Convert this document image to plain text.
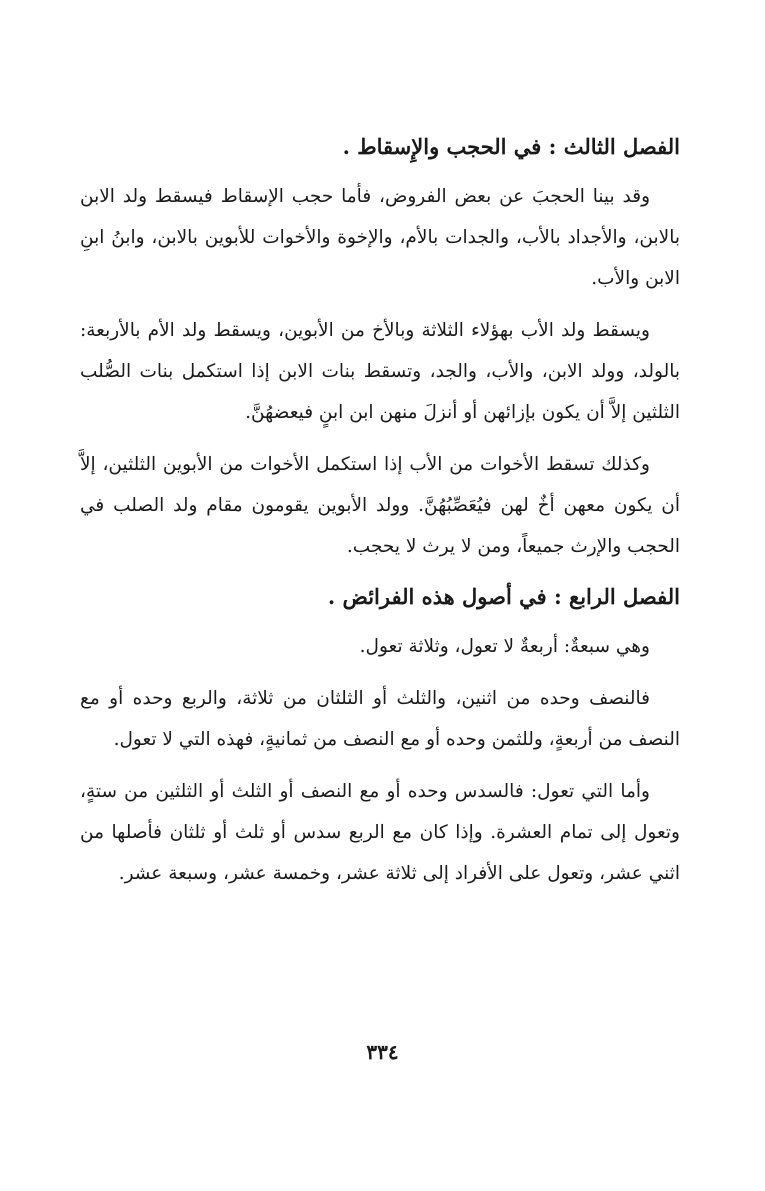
الفصل الثالث : في الحجب والإِسقاط .

وقد بينا الحجبَ عن بعض الفروض، فأما حجب الإسقاط فيسقط ولد الابن بالابن، والأجداد بالأب، والجدات بالأم، والإخوة والأخوات للأبوين بالابن، وابنُ ابنِ الابن والأب.

ويسقط ولد الأب بهؤلاء الثلاثة وبالأخ من الأبوين، ويسقط ولد الأم بالأربعة: بالولد، وولد الابن، والأب، والجد، وتسقط بنات الابن إذا استكمل بنات الصُّلب الثلثين إلاَّ أن يكون بإزائهن أو أنزلَ منهن ابن ابنٍ فيعضهُنَّ.

وكذلك تسقط الأخوات من الأب إذا استكمل الأخوات من الأبوين الثلثين، إلاَّ أن يكون معهن أخٌ لهن فيُعَصِّبُهُنَّ. وولد الأبوين يقومون مقام ولد الصلب في الحجب والإرث جميعاً، ومن لا يرث لا يحجب.

الفصل الرابع : في أصول هذه الفرائض .

وهي سبعةٌ: أربعةٌ لا تعول، وثلاثة تعول.

فالنصف وحده من اثنين، والثلث أو الثلثان من ثلاثة، والربع وحده أو مع النصف من أربعةٍ، وللثمن وحده أو مع النصف من ثمانيةٍ، فهذه التي لا تعول.

وأما التي تعول: فالسدس وحده أو مع النصف أو الثلث أو الثلثين من ستةٍ، وتعول إلى تمام العشرة. وإذا كان مع الربع سدس أو ثلث أو ثلثان فأصلها من اثني عشر، وتعول على الأفراد إلى ثلاثة عشر، وخمسة عشر، وسبعة عشر.

٣٣٤
